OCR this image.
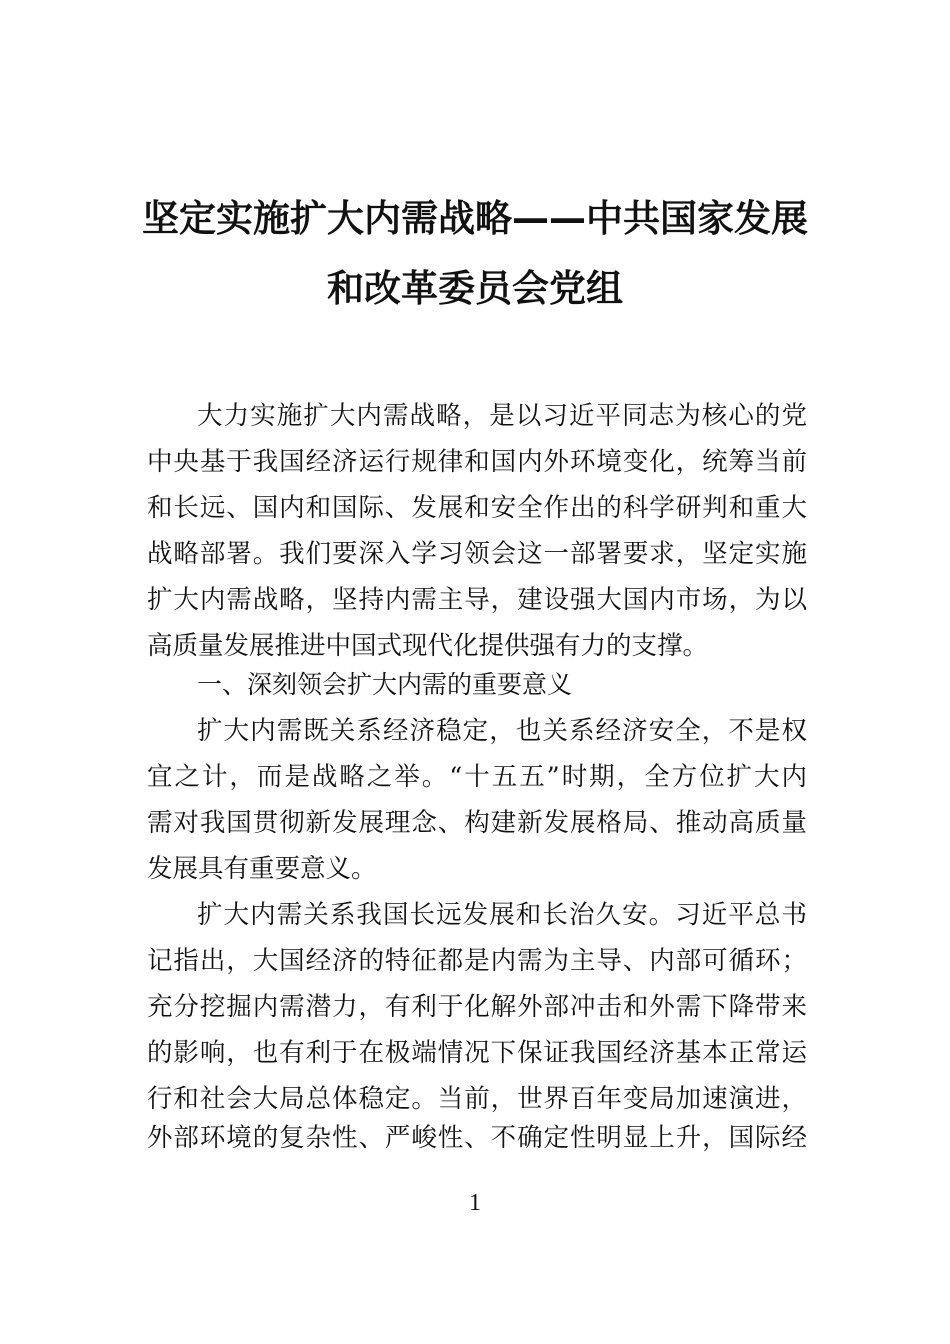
坚定实施扩大内需战略——中共国家发展
和改革委员会党组
大力实施扩大内需战略，是以习近平同志为核心的党
中央基于我国经济运行规律和国内外环境变化，统筹当前
和长远、国内和国际、发展和安全作出的科学研判和重大
战略部署。我们要深入学习领会这一部署要求，坚定实施
扩大内需战略，坚持内需主导，建设强大国内市场，为以
高质量发展推进中国式现代化提供强有力的支撑。
一、深刻领会扩大内需的重要意义
扩大内需既关系经济稳定，也关系经济安全，不是权
宜之计，而是战略之举。“十五五”时期，全方位扩大内
需对我国贯彻新发展理念、构建新发展格局、推动高质量
发展具有重要意义。
扩大内需关系我国长远发展和长治久安。习近平总书
记指出，大国经济的特征都是内需为主导、内部可循环；
充分挖掘内需潜力，有利于化解外部冲击和外需下降带来
的影响，也有利于在极端情况下保证我国经济基本正常运
行和社会大局总体稳定。当前，世界百年变局加速演进，
外部环境的复杂性、严峻性、不确定性明显上升，国际经
1
